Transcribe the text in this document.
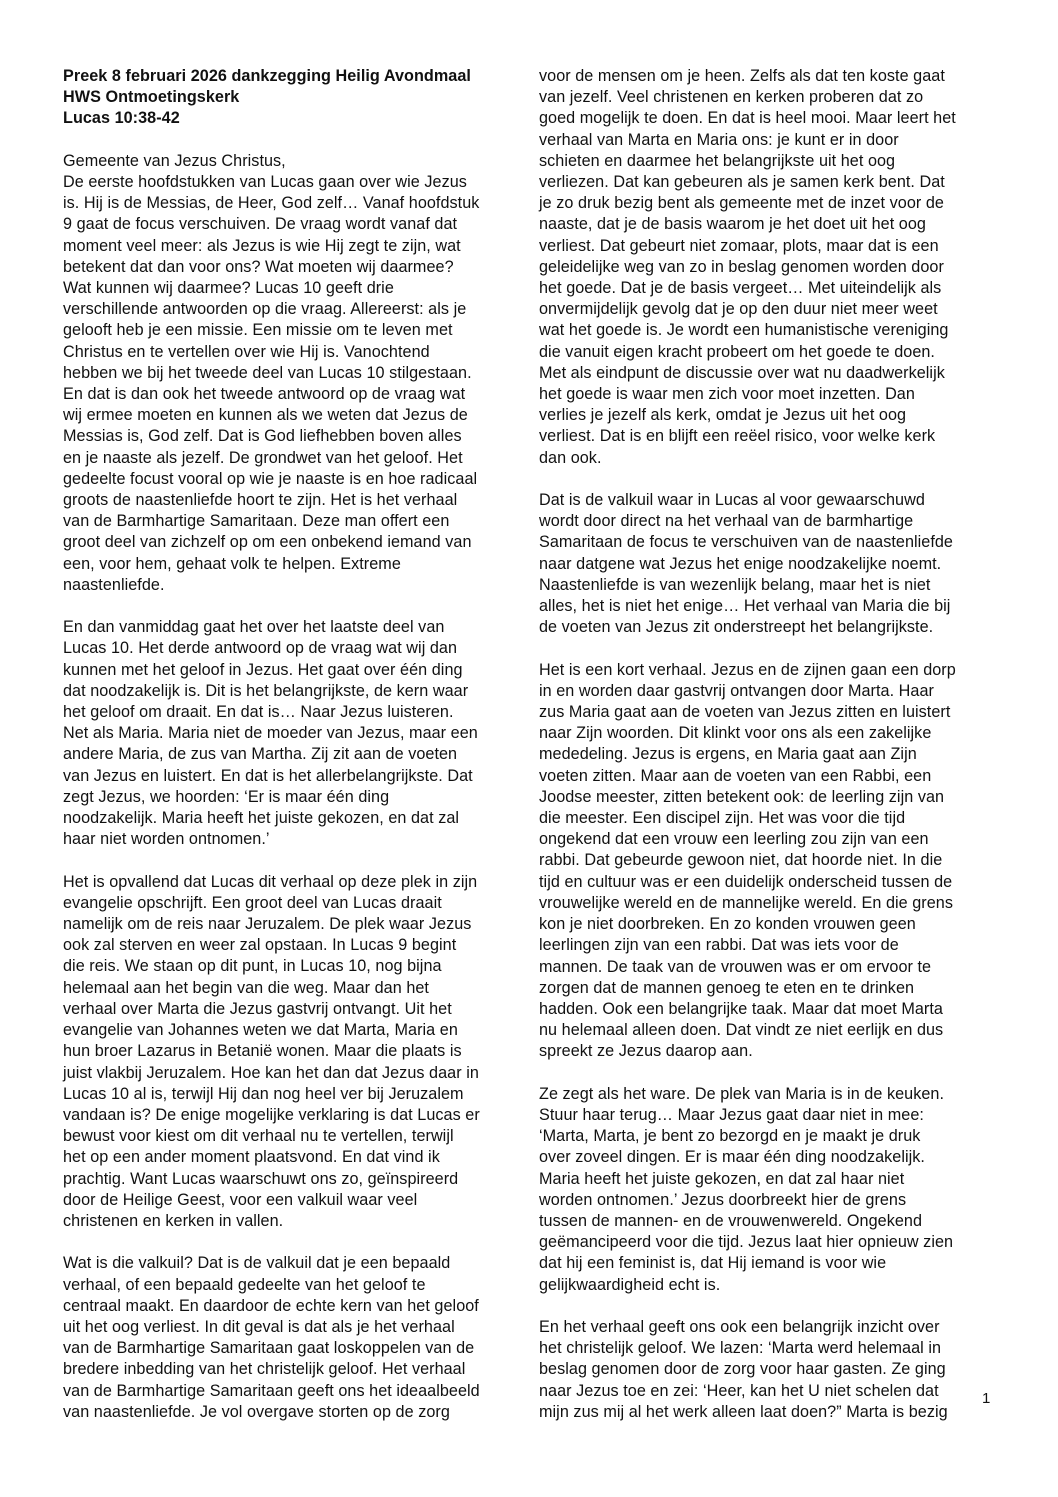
Preek 8 februari 2026 dankzegging Heilig Avondmaal
HWS Ontmoetingskerk
Lucas 10:38-42
Gemeente van Jezus Christus,
De eerste hoofdstukken van Lucas gaan over wie Jezus
is. Hij is de Messias, de Heer, God zelf… Vanaf hoofdstuk
9 gaat de focus verschuiven. De vraag wordt vanaf dat
moment veel meer: als Jezus is wie Hij zegt te zijn, wat
betekent dat dan voor ons? Wat moeten wij daarmee?
Wat kunnen wij daarmee? Lucas 10 geeft drie
verschillende antwoorden op die vraag. Allereerst: als je
gelooft heb je een missie. Een missie om te leven met
Christus en te vertellen over wie Hij is. Vanochtend
hebben we bij het tweede deel van Lucas 10 stilgestaan.
En dat is dan ook het tweede antwoord op de vraag wat
wij ermee moeten en kunnen als we weten dat Jezus de
Messias is, God zelf. Dat is God liefhebben boven alles
en je naaste als jezelf. De grondwet van het geloof. Het
gedeelte focust vooral op wie je naaste is en hoe radicaal
groots de naastenliefde hoort te zijn. Het is het verhaal
van de Barmhartige Samaritaan. Deze man offert een
groot deel van zichzelf op om een onbekend iemand van
een, voor hem, gehaat volk te helpen. Extreme
naastenliefde.
En dan vanmiddag gaat het over het laatste deel van
Lucas 10. Het derde antwoord op de vraag wat wij dan
kunnen met het geloof in Jezus. Het gaat over één ding
dat noodzakelijk is. Dit is het belangrijkste, de kern waar
het geloof om draait. En dat is… Naar Jezus luisteren.
Net als Maria. Maria niet de moeder van Jezus, maar een
andere Maria, de zus van Martha. Zij zit aan de voeten
van Jezus en luistert. En dat is het allerbelangrijkste. Dat
zegt Jezus, we hoorden: ‘Er is maar één ding
noodzakelijk. Maria heeft het juiste gekozen, en dat zal
haar niet worden ontnomen.’
Het is opvallend dat Lucas dit verhaal op deze plek in zijn
evangelie opschrijft. Een groot deel van Lucas draait
namelijk om de reis naar Jeruzalem. De plek waar Jezus
ook zal sterven en weer zal opstaan. In Lucas 9 begint
die reis. We staan op dit punt, in Lucas 10, nog bijna
helemaal aan het begin van die weg. Maar dan het
verhaal over Marta die Jezus gastvrij ontvangt. Uit het
evangelie van Johannes weten we dat Marta, Maria en
hun broer Lazarus in Betanië wonen. Maar die plaats is
juist vlakbij Jeruzalem. Hoe kan het dan dat Jezus daar in
Lucas 10 al is, terwijl Hij dan nog heel ver bij Jeruzalem
vandaan is? De enige mogelijke verklaring is dat Lucas er
bewust voor kiest om dit verhaal nu te vertellen, terwijl
het op een ander moment plaatsvond. En dat vind ik
prachtig. Want Lucas waarschuwt ons zo, geïnspireerd
door de Heilige Geest, voor een valkuil waar veel
christenen en kerken in vallen.
Wat is die valkuil? Dat is de valkuil dat je een bepaald
verhaal, of een bepaald gedeelte van het geloof te
centraal maakt. En daardoor de echte kern van het geloof
uit het oog verliest. In dit geval is dat als je het verhaal
van de Barmhartige Samaritaan gaat loskoppelen van de
bredere inbedding van het christelijk geloof. Het verhaal
van de Barmhartige Samaritaan geeft ons het ideaalbeeld
van naastenliefde. Je vol overgave storten op de zorg
voor de mensen om je heen. Zelfs als dat ten koste gaat
van jezelf. Veel christenen en kerken proberen dat zo
goed mogelijk te doen. En dat is heel mooi. Maar leert het
verhaal van Marta en Maria ons: je kunt er in door
schieten en daarmee het belangrijkste uit het oog
verliezen. Dat kan gebeuren als je samen kerk bent. Dat
je zo druk bezig bent als gemeente met de inzet voor de
naaste, dat je de basis waarom je het doet uit het oog
verliest. Dat gebeurt niet zomaar, plots, maar dat is een
geleidelijke weg van zo in beslag genomen worden door
het goede. Dat je de basis vergeet… Met uiteindelijk als
onvermijdelijk gevolg dat je op den duur niet meer weet
wat het goede is. Je wordt een humanistische vereniging
die vanuit eigen kracht probeert om het goede te doen.
Met als eindpunt de discussie over wat nu daadwerkelijk
het goede is waar men zich voor moet inzetten. Dan
verlies je jezelf als kerk, omdat je Jezus uit het oog
verliest. Dat is en blijft een reëel risico, voor welke kerk
dan ook.
Dat is de valkuil waar in Lucas al voor gewaarschuwd
wordt door direct na het verhaal van de barmhartige
Samaritaan de focus te verschuiven van de naastenliefde
naar datgene wat Jezus het enige noodzakelijke noemt.
Naastenliefde is van wezenlijk belang, maar het is niet
alles, het is niet het enige… Het verhaal van Maria die bij
de voeten van Jezus zit onderstreept het belangrijkste.
Het is een kort verhaal. Jezus en de zijnen gaan een dorp
in en worden daar gastvrij ontvangen door Marta. Haar
zus Maria gaat aan de voeten van Jezus zitten en luistert
naar Zijn woorden. Dit klinkt voor ons als een zakelijke
mededeling. Jezus is ergens, en Maria gaat aan Zijn
voeten zitten. Maar aan de voeten van een Rabbi, een
Joodse meester, zitten betekent ook: de leerling zijn van
die meester. Een discipel zijn. Het was voor die tijd
ongekend dat een vrouw een leerling zou zijn van een
rabbi. Dat gebeurde gewoon niet, dat hoorde niet. In die
tijd en cultuur was er een duidelijk onderscheid tussen de
vrouwelijke wereld en de mannelijke wereld. En die grens
kon je niet doorbreken. En zo konden vrouwen geen
leerlingen zijn van een rabbi. Dat was iets voor de
mannen. De taak van de vrouwen was er om ervoor te
zorgen dat de mannen genoeg te eten en te drinken
hadden. Ook een belangrijke taak. Maar dat moet Marta
nu helemaal alleen doen. Dat vindt ze niet eerlijk en dus
spreekt ze Jezus daarop aan.
Ze zegt als het ware. De plek van Maria is in de keuken.
Stuur haar terug… Maar Jezus gaat daar niet in mee:
‘Marta, Marta, je bent zo bezorgd en je maakt je druk
over zoveel dingen. Er is maar één ding noodzakelijk.
Maria heeft het juiste gekozen, en dat zal haar niet
worden ontnomen.’ Jezus doorbreekt hier de grens
tussen de mannen- en de vrouwenwereld. Ongekend
geëmancipeerd voor die tijd. Jezus laat hier opnieuw zien
dat hij een feminist is, dat Hij iemand is voor wie
gelijkwaardigheid echt is.
En het verhaal geeft ons ook een belangrijk inzicht over
het christelijk geloof. We lazen: ‘Marta werd helemaal in
beslag genomen door de zorg voor haar gasten. Ze ging
naar Jezus toe en zei: ‘Heer, kan het U niet schelen dat
mijn zus mij al het werk alleen laat doen?” Marta is bezig
1
